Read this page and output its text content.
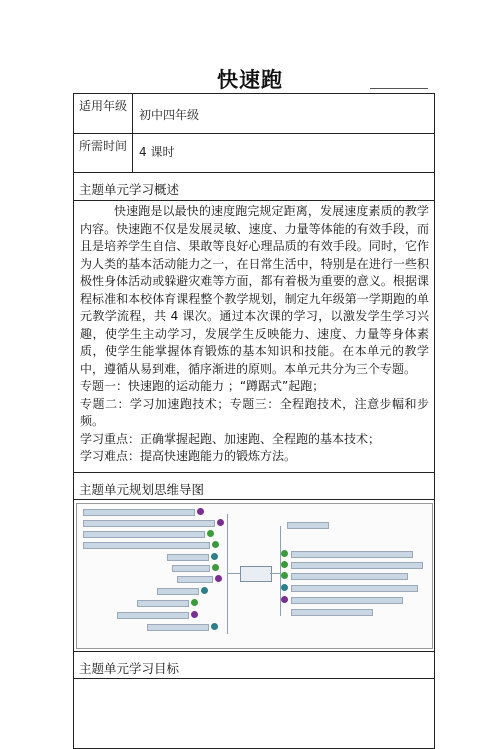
快速跑
适用年级	初中四年级

所需时间	4 课时

主题单元学习概述	

快速跑是以最快的速度跑完规定距离，发展速度素质的教学内容。快速跑不仅是发展灵敏、速度、力量等体能的有效手段，而且是培养学生自信、果敢等良好心理品质的有效手段。同时，它作为人类的基本活动能力之一，在日常生活中，特别是在进行一些积极性身体活动或躲避灾难等方面，都有着极为重要的意义。根据课程标准和本校体育课程整个教学规划，制定九年级第一学期跑的单元教学流程，共 4 课次。通过本次课的学习，以激发学生学习兴趣，使学生主动学习，发展学生反映能力、速度、力量等身体素质，使学生能掌握体育锻炼的基本知识和技能。在本单元的教学中，遵循从易到难，循序渐进的原则。本单元共分为三个专题。

专题一：快速跑的运动能力 ；“蹲踞式”起跑；

专题二：学习加速跑技术；专题三：全程跑技术，注意步幅和步频。

学习重点：正确掌握起跑、加速跑、全程跑的基本技术；

学习难点：提高快速跑能力的锻炼方法。	

主题单元规划思维导图	

主题单元学习目标	
